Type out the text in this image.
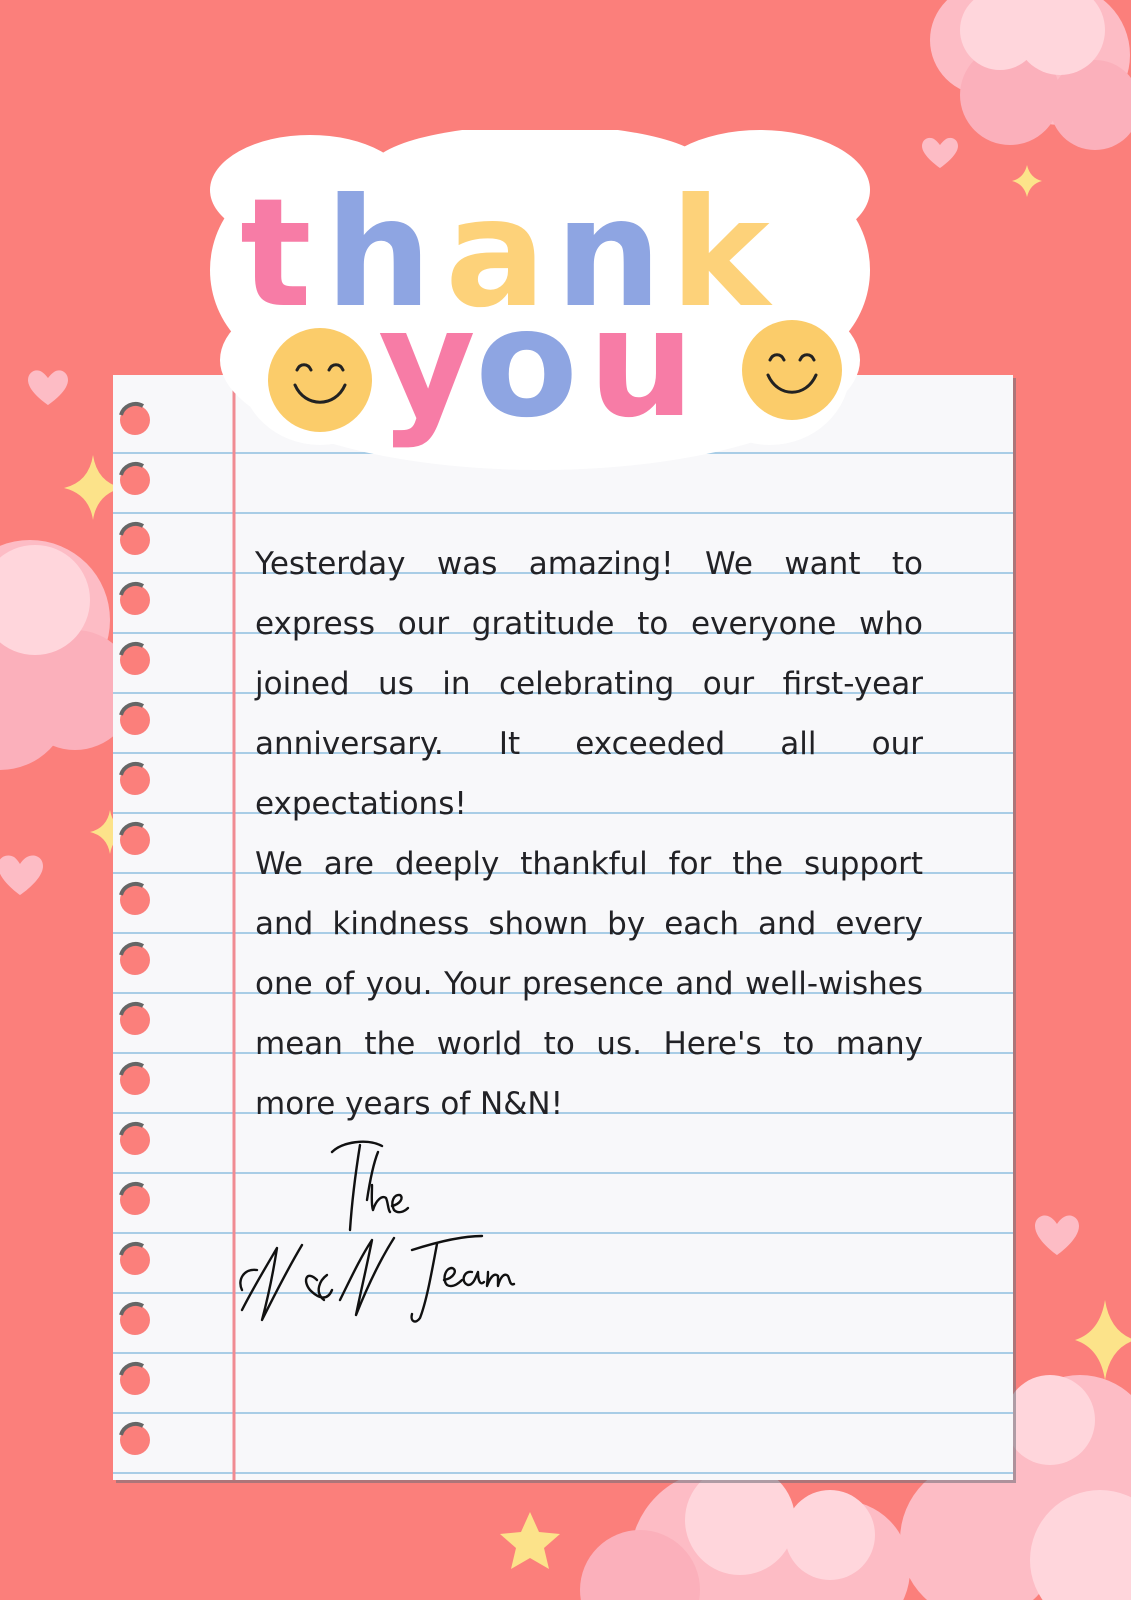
Yesterday was amazing! We want to express our gratitude to everyone who joined us in celebrating our first-year anniversary. It exceeded all our expectations!

We are deeply thankful for the support and kindness shown by each and every one of you. Your presence and well-wishes mean the world to us. Here's to many more years of N&N!

t h a n k
y o u
